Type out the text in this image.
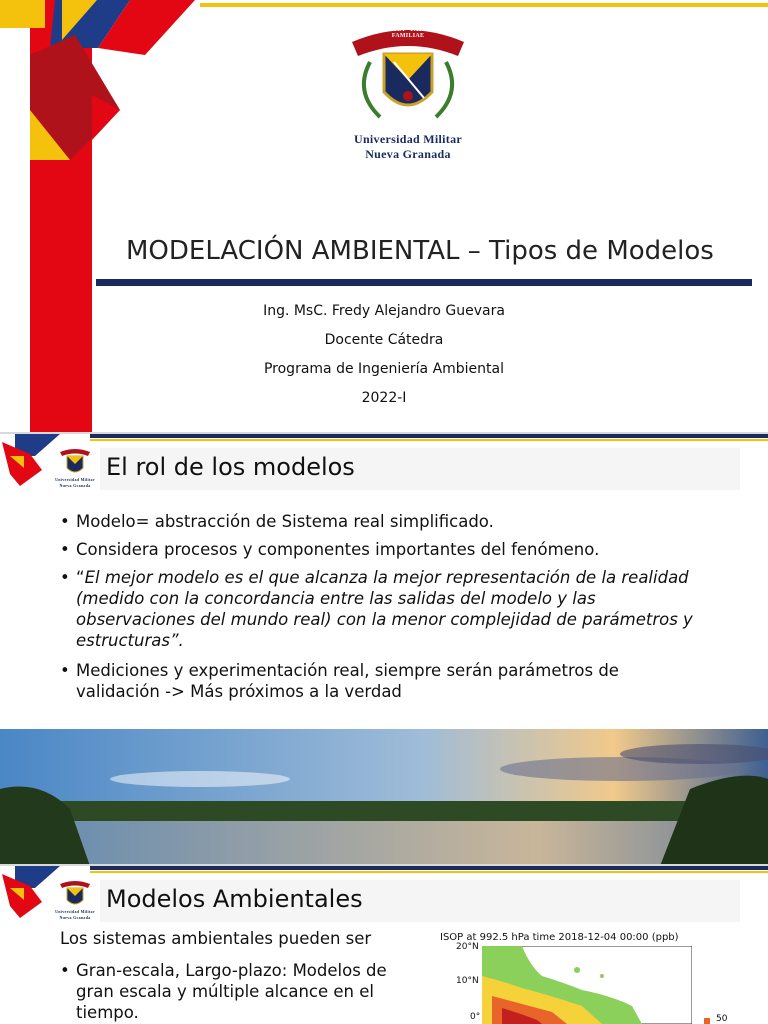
SCIENTIA · PATRIAE · FAMILIAE
Universidad Militar
Nueva Granada
MODELACIÓN AMBIENTAL – Tipos de Modelos
Ing. MsC. Fredy Alejandro Guevara
Docente Cátedra
Programa de Ingeniería Ambiental
2022-I
Universidad Militar
Nueva Granada
El rol de los modelos
• Modelo= abstracción de Sistema real simplificado.
• Considera procesos y componentes importantes del fenómeno.
• “El mejor modelo es el que alcanza la mejor representación de la realidad (medido con la concordancia entre las salidas del modelo y las observaciones del mundo real) con la menor complejidad de parámetros y estructuras”.
• Mediciones y experimentación real, siempre serán parámetros de validación -> Más próximos a la verdad
Universidad Militar
Nueva Granada
Modelos Ambientales
Los sistemas ambientales pueden ser
• Gran-escala, Largo-plazo: Modelos de gran escala y múltiple alcance en el tiempo.
ISOP at 992.5 hPa time 2018-12-04 00:00 (ppb)
20°N
10°N
0°	50
